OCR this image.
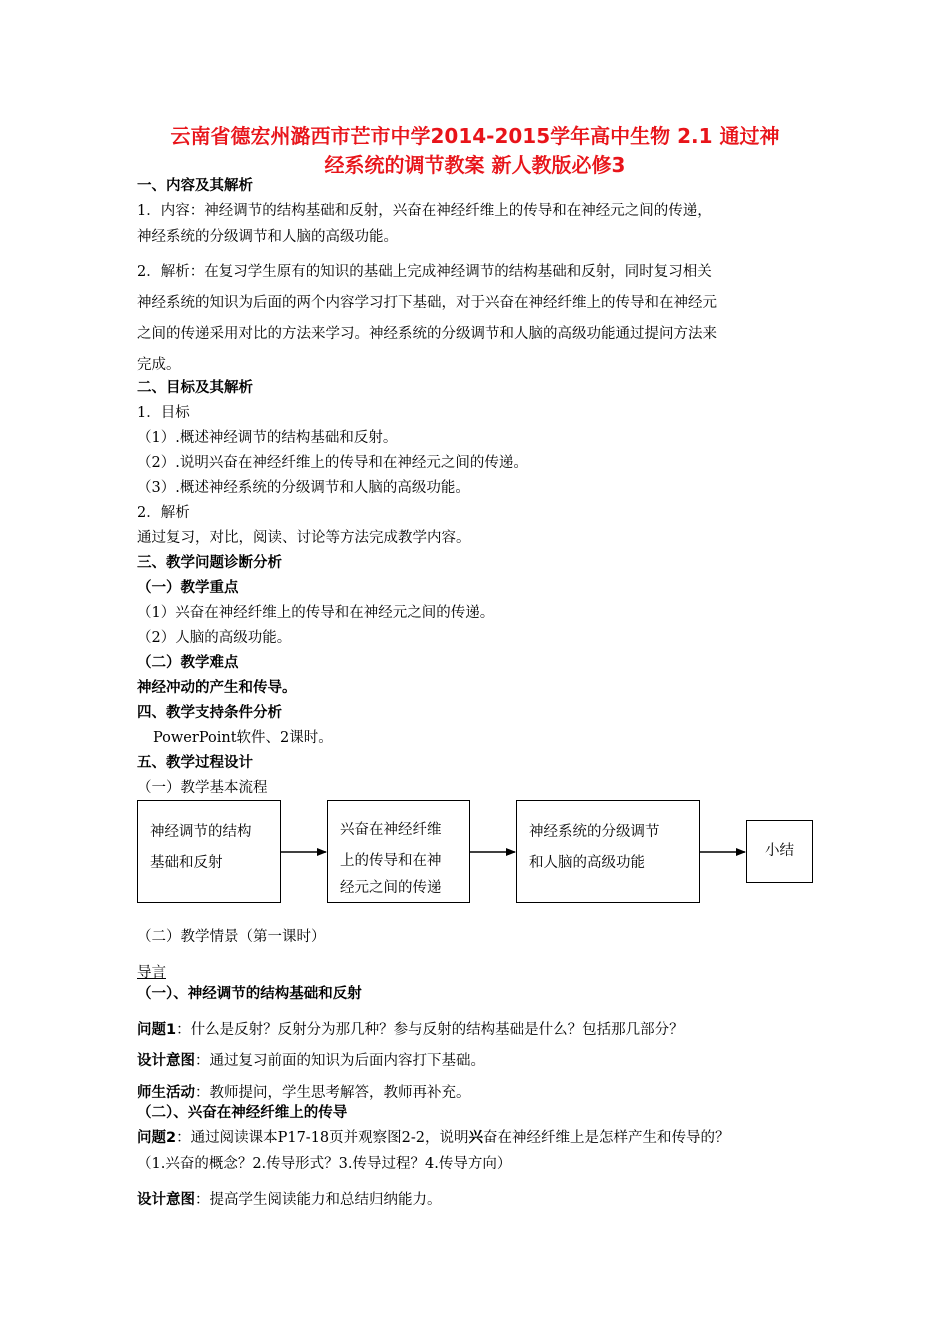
云南省德宏州潞西市芒市中学2014-2015学年高中生物 2.1 通过神
经系统的调节教案 新人教版必修3
一、内容及其解析
1．内容：神经调节的结构基础和反射，兴奋在神经纤维上的传导和在神经元之间的传递，
神经系统的分级调节和人脑的高级功能。
2．解析：在复习学生原有的知识的基础上完成神经调节的结构基础和反射，同时复习相关
神经系统的知识为后面的两个内容学习打下基础，对于兴奋在神经纤维上的传导和在神经元
之间的传递采用对比的方法来学习。神经系统的分级调节和人脑的高级功能通过提问方法来
完成。
二、目标及其解析
1．目标
（1）.概述神经调节的结构基础和反射。
（2）.说明兴奋在神经纤维上的传导和在神经元之间的传递。
（3）.概述神经系统的分级调节和人脑的高级功能。
2．解析
通过复习，对比，阅读、讨论等方法完成教学内容。
三、教学问题诊断分析
（一）教学重点
（1）兴奋在神经纤维上的传导和在神经元之间的传递。
（2）人脑的高级功能。
（二）教学难点
神经冲动的产生和传导。
四、教学支持条件分析
PowerPoint软件、2课时。
五、教学过程设计
（一）教学基本流程
神经调节的结构
基础和反射
兴奋在神经纤维
上的传导和在神
经元之间的传递
神经系统的分级调节
和人脑的高级功能
小结
（二）教学情景（第一课时）
导言
（一）、神经调节的结构基础和反射
问题1：什么是反射？反射分为那几种？参与反射的结构基础是什么？包括那几部分？
设计意图：通过复习前面的知识为后面内容打下基础。
师生活动：教师提问，学生思考解答，教师再补充。
（二）、兴奋在神经纤维上的传导
问题2：通过阅读课本P17-18页并观察图2-2，说明兴奋在神经纤维上是怎样产生和传导的？
（1.兴奋的概念？2.传导形式？3.传导过程？4.传导方向）
设计意图：提高学生阅读能力和总结归纳能力。
